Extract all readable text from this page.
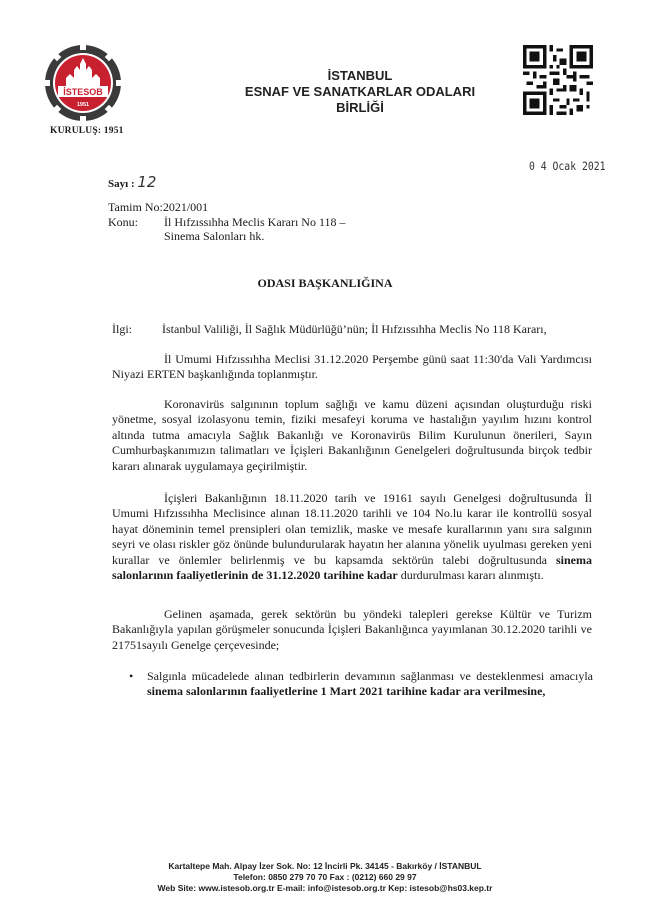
İSTESOB
1951
KURULUŞ: 1951
İSTANBUL
ESNAF VE SANATKARLAR ODALARI BİRLİĞİ
0 4 Ocak 2021
Sayı : 12
Tamim No:2021/001
Konu:	İl Hıfzıssıhha Meclis Kararı No 118 –
Sinema Salonları hk.
ODASI BAŞKANLIĞINA
İlgi:	İstanbul Valiliği, İl Sağlık Müdürlüğü’nün; İl Hıfzıssıhha Meclis No 118 Kararı,
İl Umumi Hıfzıssıhha Meclisi 31.12.2020 Perşembe günü saat 11:30'da Vali Yardımcısı Niyazi ERTEN başkanlığında toplanmıştır.
Koronavirüs salgınının toplum sağlığı ve kamu düzeni açısından oluşturduğu riski yönetme, sosyal izolasyonu temin, fiziki mesafeyi koruma ve hastalığın yayılım hızını kontrol altında tutma amacıyla Sağlık Bakanlığı ve Koronavirüs Bilim Kurulunun önerileri, Sayın Cumhurbaşkanımızın talimatları ve İçişleri Bakanlığının Genelgeleri doğrultusunda birçok tedbir kararı alınarak uygulamaya geçirilmiştir.
İçişleri Bakanlığının 18.11.2020 tarih ve 19161 sayılı Genelgesi doğrultusunda İl Umumi Hıfzıssıhha Meclisince alınan 18.11.2020 tarihli ve 104 No.lu karar ile kontrollü sosyal hayat döneminin temel prensipleri olan temizlik, maske ve mesafe kurallarının yanı sıra salgının seyri ve olası riskler göz önünde bulundurularak hayatın her alanına yönelik uyulması gereken yeni kurallar ve önlemler belirlenmiş ve bu kapsamda sektörün talebi doğrultusunda sinema salonlarının faaliyetlerinin de 31.12.2020 tarihine kadar durdurulması kararı alınmıştı.
Gelinen aşamada, gerek sektörün bu yöndeki talepleri gerekse Kültür ve Turizm Bakanlığıyla yapılan görüşmeler sonucunda İçişleri Bakanlığınca yayımlanan 30.12.2020 tarihli ve 21751sayılı Genelge çerçevesinde;
• Salgınla mücadelede alınan tedbirlerin devamının sağlanması ve desteklenmesi amacıyla sinema salonlarının faaliyetlerine 1 Mart 2021 tarihine kadar ara verilmesine,
Kartaltepe Mah. Alpay İzer Sok. No: 12 İncirli Pk. 34145 - Bakırköy / İSTANBUL
Telefon: 0850 279 70 70 Fax : (0212) 660 29 97
Web Site: www.istesob.org.tr E-mail: info@istesob.org.tr Kep: istesob@hs03.kep.tr
